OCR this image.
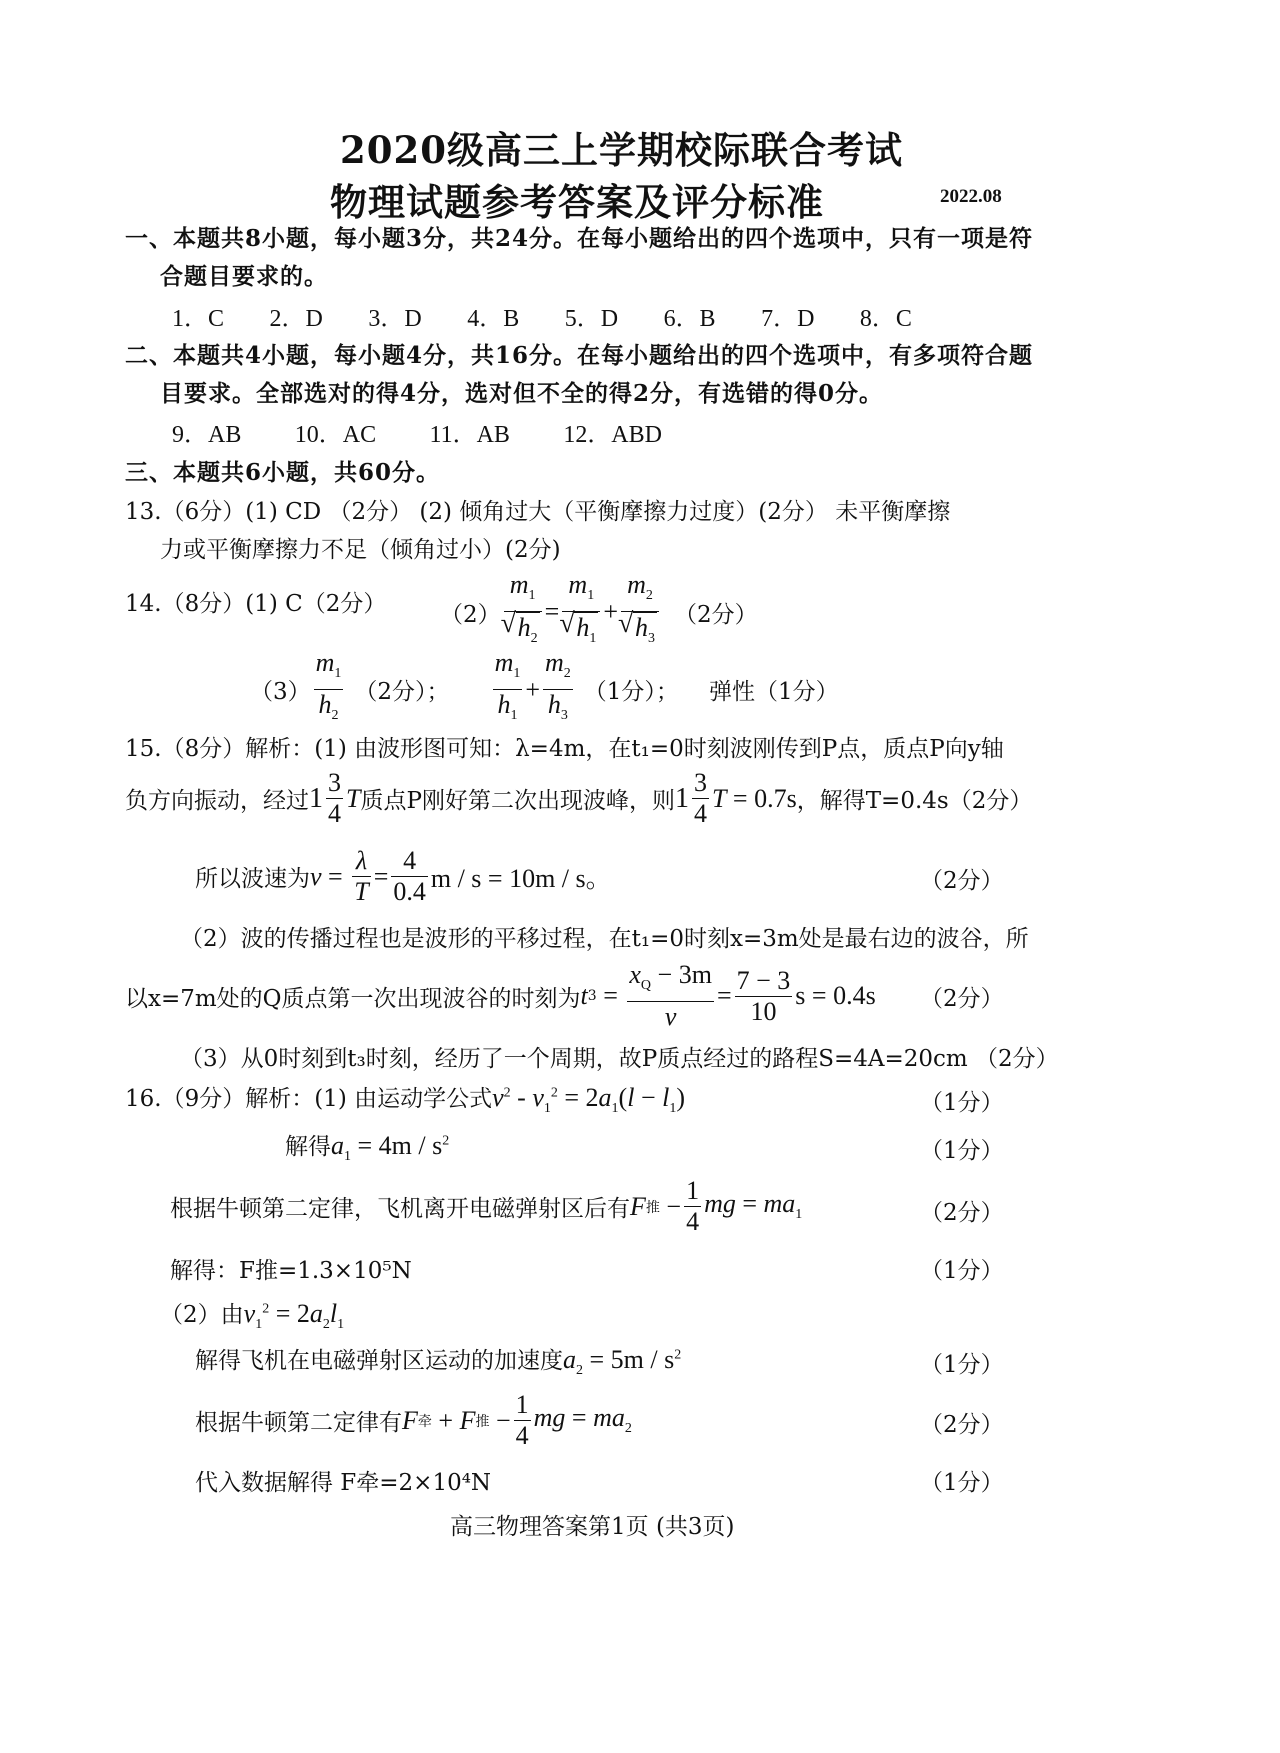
2020级高三上学期校际联合考试
物理试题参考答案及评分标准	2022.08
一、本题共8小题，每小题3分，共24分。在每小题给出的四个选项中，只有一项是符
合题目要求的。
1．C 2．D 3．D 4．B 5．D 6．B 7．D 8．C
二、本题共4小题，每小题4分，共16分。在每小题给出的四个选项中，有多项符合题
目要求。全部选对的得4分，选对但不全的得2分，有选错的得0分。
9．AB 10．AC 11．AB 12．ABD
三、本题共6小题，共60分。
13.（6分）(1) CD （2分） (2) 倾角过大（平衡摩擦力过度）(2分） 未平衡摩擦
力或平衡摩擦力不足（倾角过小）(2分)
14.（8分）(1) C（2分） （2） $m_1$
√ $h_2 = m_1$
√ $h_1 + m_2$
√ $h_3$ （2分）
$(3) \frac{m_1}{h_2} (2$分）； $\frac{m_1}{h_1} + \frac{m_2}{h_3} (1$分）； 弹性（1分）
15.（8分）解析：(1) 由波形图可知：λ=4m，在t₁=0时刻波刚传到P点，质点P向y轴
负方向振动，经过 $1 \frac{3}{4}$ T 质点P刚好第二次出现波峰，则 $1 \frac{3}{4}$ T = 0.7s ，解得T=0.4s（2分）
所以波速为 $v = \frac{\lambda}{T} = \frac{4}{0.4}$ m / s = 10m / s。	（2分）
（2）波的传播过程也是波形的平移过程，在t₁=0时刻x=3m处是最右边的波谷，所
以x=7m处的Q质点第一次出现波谷的时刻为 t $3 = \frac{x_Q - 3m}{v} = \frac{7 - 3}{10}$ s = 0.4s （2分）
（3）从0时刻到t₃时刻，经历了一个周期，故P质点经过的路程S=4A=20cm （2分）
16.（9分）解析：(1) 由运动学公式 $v^2 - v_1^2 = 2a_1(l - l_1)$	（1分）
解得 $a_1 = 4m / s^2$	（1分）
根据牛顿第二定律，飞机离开电磁弹射区后有 F 推 − $\frac{1}{4}$ mg = $ma_1$	（2分）
解得：F推=1.3×10⁵N	（1分）
（2）由 $v_1^2 = 2a_2l_1$
解得飞机在电磁弹射区运动的加速度 $a_2 = 5m / s^2$	（1分）
根据牛顿第二定律有 F 牵 + F 推 − $\frac{1}{4}$ mg = $ma_2$	（2分）
代入数据解得 F牵=2×10⁴N	（1分）
高三物理答案第1页 (共3页)
